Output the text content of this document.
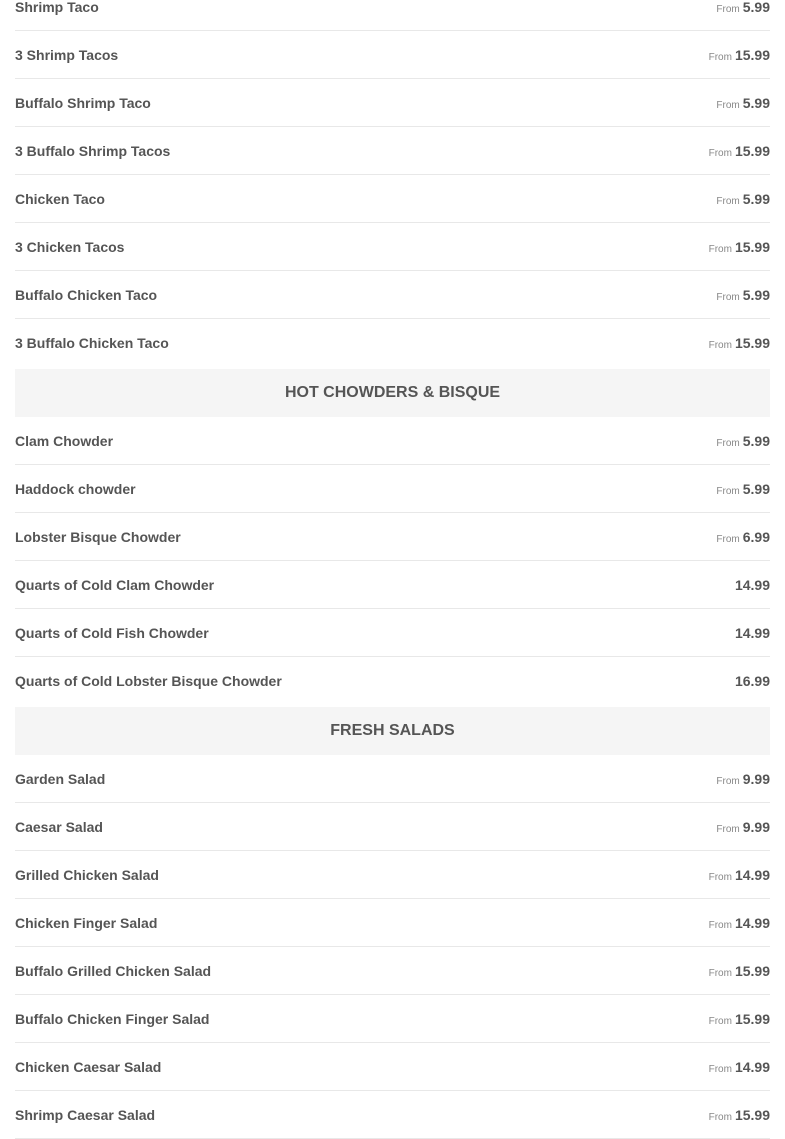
Shrimp Taco	From 5.99
3 Shrimp Tacos	From 15.99
Buffalo Shrimp Taco	From 5.99
3 Buffalo Shrimp Tacos	From 15.99
Chicken Taco	From 5.99
3 Chicken Tacos	From 15.99
Buffalo Chicken Taco	From 5.99
3 Buffalo Chicken Taco	From 15.99
HOT CHOWDERS & BISQUE
Clam Chowder	From 5.99
Haddock chowder	From 5.99
Lobster Bisque Chowder	From 6.99
Quarts of Cold Clam Chowder	14.99
Quarts of Cold Fish Chowder	14.99
Quarts of Cold Lobster Bisque Chowder	16.99
FRESH SALADS
Garden Salad	From 9.99
Caesar Salad	From 9.99
Grilled Chicken Salad	From 14.99
Chicken Finger Salad	From 14.99
Buffalo Grilled Chicken Salad	From 15.99
Buffalo Chicken Finger Salad	From 15.99
Chicken Caesar Salad	From 14.99
Shrimp Caesar Salad	From 15.99
